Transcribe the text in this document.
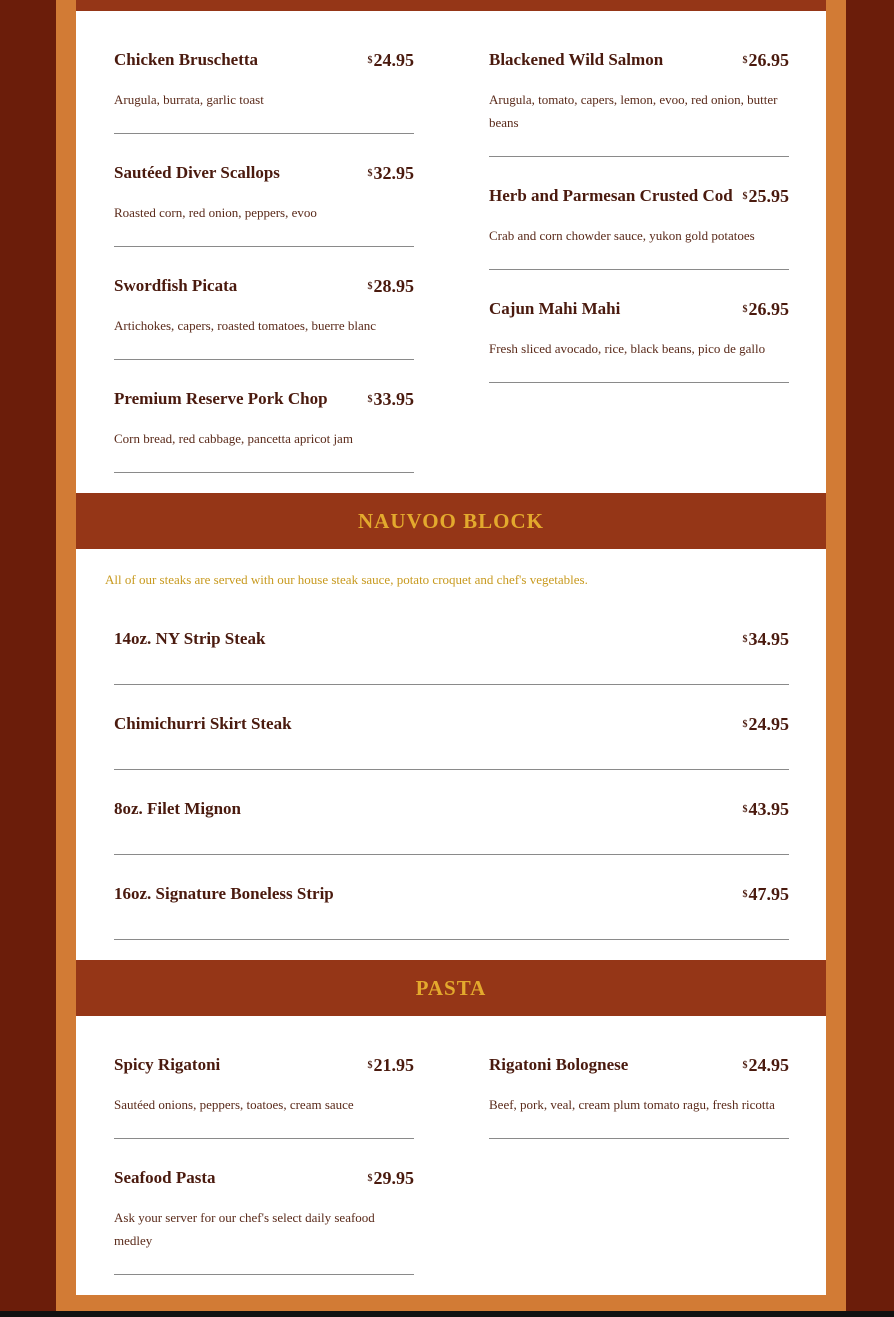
Chicken Bruschetta	$24.95
Arugula, burrata, garlic toast
Sautéed Diver Scallops	$32.95
Roasted corn, red onion, peppers, evoo
Swordfish Picata	$28.95
Artichokes, capers, roasted tomatoes, buerre blanc
Premium Reserve Pork Chop	$33.95
Corn bread, red cabbage, pancetta apricot jam
Blackened Wild Salmon	$26.95
Arugula, tomato, capers, lemon, evoo, red onion, butter beans
Herb and Parmesan Crusted Cod $25.95
Crab and corn chowder sauce, yukon gold potatoes
Cajun Mahi Mahi	$26.95
Fresh sliced avocado, rice, black beans, pico de gallo
NAUVOO BLOCK
All of our steaks are served with our house steak sauce, potato croquet and chef's vegetables.
14oz. NY Strip Steak	$34.95
Chimichurri Skirt Steak	$24.95
8oz. Filet Mignon	$43.95
16oz. Signature Boneless Strip	$47.95
PASTA
Spicy Rigatoni	$21.95
Sautéed onions, peppers, toatoes, cream sauce
Seafood Pasta	$29.95
Ask your server for our chef's select daily seafood medley
Rigatoni Bolognese	$24.95
Beef, pork, veal, cream plum tomato ragu, fresh ricotta
